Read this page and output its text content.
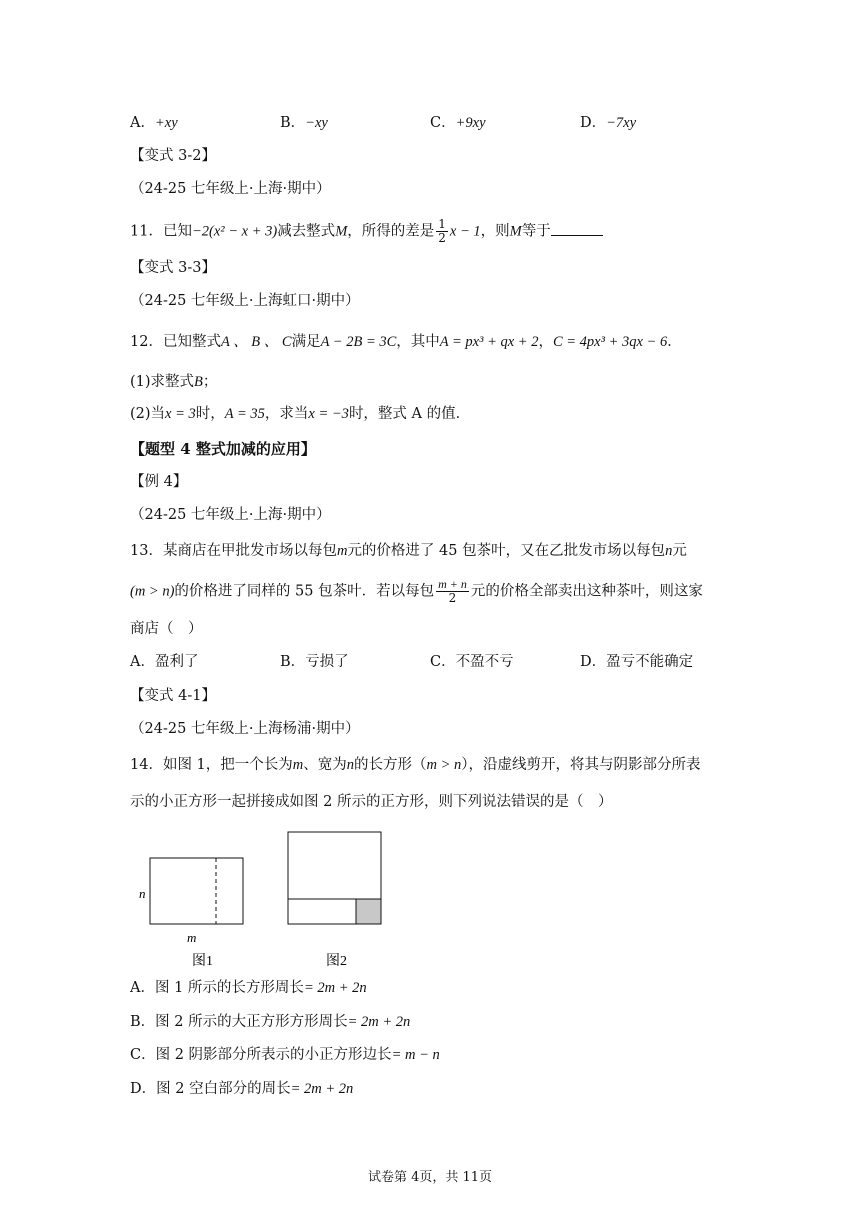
A．+xy	B．−xy	C．+9xy	D．−7xy
【变式 3-2】
（24-25 七年级上·上海·期中）
11．已知−2(x² − x + 3)减去整式M，所得的差是 $\frac{1}{2}$ x − 1，则M等于
【变式 3-3】
（24-25 七年级上·上海虹口·期中）
12．已知整式A 、 B 、 C满足A − 2B = 3C，其中A = px³ + qx + 2，C = 4px³ + 3qx − 6．
(1)求整式B；
(2)当x = 3时，A = 35，求当x = −3时，整式 A 的值．
【题型 4 整式加减的应用】
【例 4】
（24-25 七年级上·上海·期中）
13．某商店在甲批发市场以每包m元的价格进了 45 包茶叶，又在乙批发市场以每包n元
(m > n)的价格进了同样的 55 包茶叶．若以每包 $\frac{m + n}{2}$ 元的价格全部卖出这种茶叶，则这家
商店（　）
A．盈利了	B．亏损了	C．不盈不亏	D．盈亏不能确定
【变式 4-1】
（24-25 七年级上·上海杨浦·期中）
14．如图 1，把一个长为m、宽为n的长方形（m > n），沿虚线剪开，将其与阴影部分所表
示的小正方形一起拼接成如图 2 所示的正方形，则下列说法错误的是（　）
n
m
图1	图2
A．图 1 所示的长方形周长= 2m + 2n
B．图 2 所示的大正方形方形周长= 2m + 2n
C．图 2 阴影部分所表示的小正方形边长= m − n
D．图 2 空白部分的周长= 2m + 2n
试卷第 4页，共 11页
